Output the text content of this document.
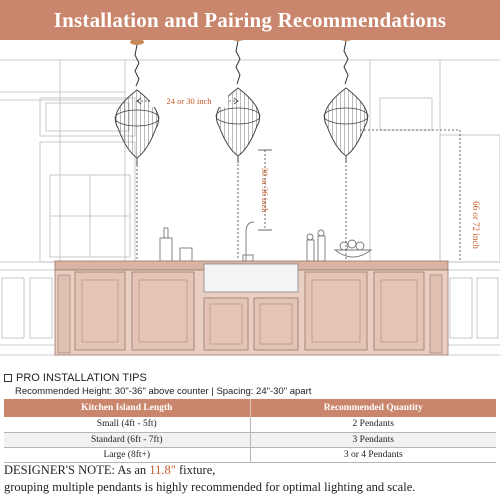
Installation and Pairing Recommendations
24 or 30 inch
30 or 36 inch
66 or 72 inch
PRO INSTALLATION TIPS
Recommended Height: 30"-36" above counter | Spacing: 24"-30" apart
Kitchen Island Length	Recommended Quantity
Small (4ft - 5ft)	2 Pendants
Standard (6ft - 7ft)	3 Pendants
Large (8ft+)	3 or 4 Pendants
DESIGNER'S NOTE: As an 11.8" fixture,
grouping multiple pendants is highly recommended for optimal lighting and scale.
